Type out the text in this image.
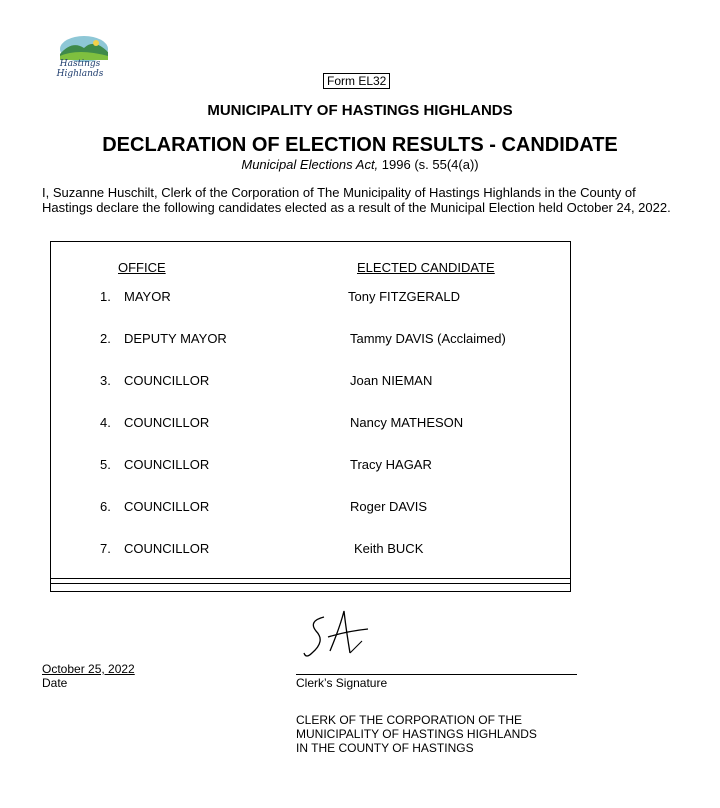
Hastings Highlands	Form EL32
MUNICIPALITY OF HASTINGS HIGHLANDS
DECLARATION OF ELECTION RESULTS - CANDIDATE
Municipal Elections Act, 1996 (s. 55(4(a))
I, Suzanne Huschilt, Clerk of the Corporation of The Municipality of Hastings Highlands in the County of Hastings declare the following candidates elected as a result of the Municipal Election held October 24, 2022.
OFFICE	ELECTED CANDIDATE
1. MAYOR	Tony FITZGERALD
2. DEPUTY MAYOR	Tammy DAVIS (Acclaimed)
3. COUNCILLOR	Joan NIEMAN
4. COUNCILLOR	Nancy MATHESON
5. COUNCILLOR	Tracy HAGAR
6. COUNCILLOR	Roger DAVIS
7. COUNCILLOR	Keith BUCK
October 25, 2022
Date	Clerk’s Signature
CLERK OF THE CORPORATION OF THE
MUNICIPALITY OF HASTINGS HIGHLANDS
IN THE COUNTY OF HASTINGS
